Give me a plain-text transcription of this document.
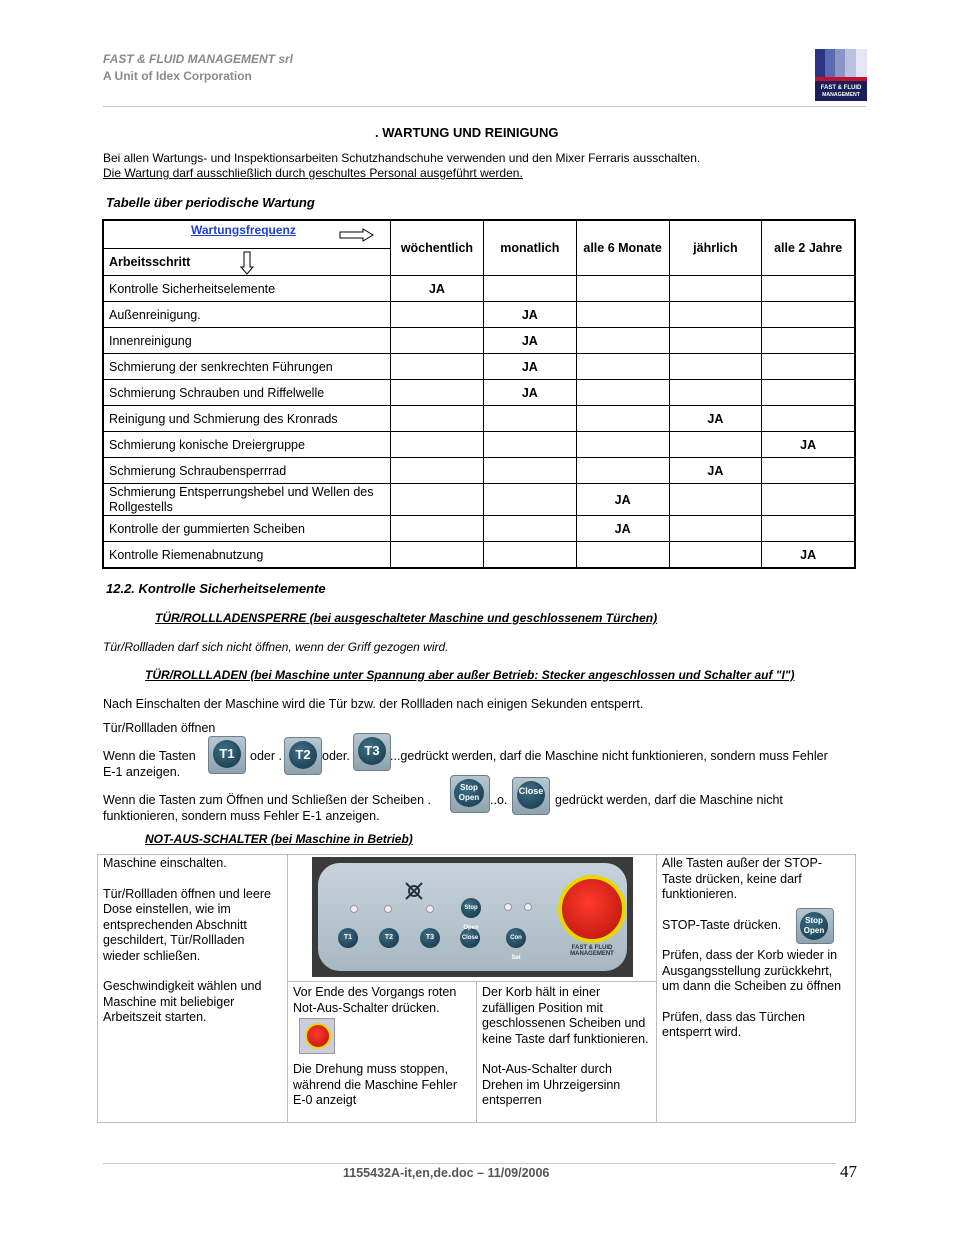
FAST & FLUID MANAGEMENT srl
A Unit of Idex Corporation
FAST & FLUID
MANAGEMENT
. WARTUNG UND REINIGUNG
Bei allen Wartungs- und Inspektionsarbeiten Schutzhandschuhe verwenden und den Mixer Ferraris ausschalten.
Die Wartung darf ausschließlich durch geschultes Personal ausgeführt werden.
Tabelle über periodische Wartung
Wartungsfrequenz	wöchentlich	monatlich	alle 6 Monate	jährlich	alle 2 Jahre
Arbeitsschritt					

Kontrolle Sicherheitselemente	JA				
Außenreinigung.		JA			
Innenreinigung		JA			
Schmierung der senkrechten Führungen		JA			
Schmierung Schrauben und Riffelwelle		JA			
Reinigung und Schmierung des Kronrads				JA	
Schmierung konische Dreiergruppe					JA
Schmierung Schraubensperrrad				JA	
Schmierung Entsperrungshebel und Wellen des Rollgestells			JA		
Kontrolle der gummierten Scheiben			JA		
Kontrolle Riemenabnutzung					JA
12.2. Kontrolle Sicherheitselemente
TÜR/ROLLLADENSPERRE (bei ausgeschalteter Maschine und geschlossenem Türchen)
Tür/Rollladen darf sich nicht öffnen, wenn der Griff gezogen wird.
TÜR/ROLLLADEN (bei Maschine unter Spannung aber außer Betrieb: Stecker angeschlossen und Schalter auf "I")
Nach Einschalten der Maschine wird die Tür bzw. der Rollladen nach einigen Sekunden entsperrt.
Tür/Rollladen öffnen
Wenn die Tasten	T1	oder .	T2 oder.	T3 ...gedrückt werden, darf die Maschine nicht funktionieren, sondern muss Fehler
E-1 anzeigen.
Wenn die Tasten zum Öffnen und Schließen der Scheiben .
Stop
Open ..o.
Close
gedrückt werden, darf die Maschine nicht
funktionieren, sondern muss Fehler E-1 anzeigen.
NOT-AUS-SCHALTER (bei Maschine in Betrieb)

Maschine einschalten.

Tür/Rollladen öffnen und leere Dose einstellen, wie im entsprechenden Abschnitt geschildert, Tür/Rollladen wieder schließen.

Geschwindigkeit wählen und Maschine mit beliebiger Arbeitszeit starten.

T1	T2	T3	Close	Con Sel
Stop Open
FAST & FLUID MANAGEMENT

Vor Ende des Vorgangs roten Not-Aus-Schalter drücken.

Die Drehung muss stoppen, während die Maschine Fehler E-0 anzeigt

Der Korb hält in einer zufälligen Position mit geschlossenen Scheiben und keine Taste darf funktionieren.

Not-Aus-Schalter durch Drehen im Uhrzeigersinn entsperren

Alle Tasten außer der STOP-Taste drücken, keine darf funktionieren.

STOP-Taste drücken.	Stop
Open

Prüfen, dass der Korb wieder in Ausgangsstellung zurückkehrt, um dann die Scheiben zu öffnen

Prüfen, dass das Türchen entsperrt wird.

1155432A-it,en,de.doc – 11/09/2006	47
